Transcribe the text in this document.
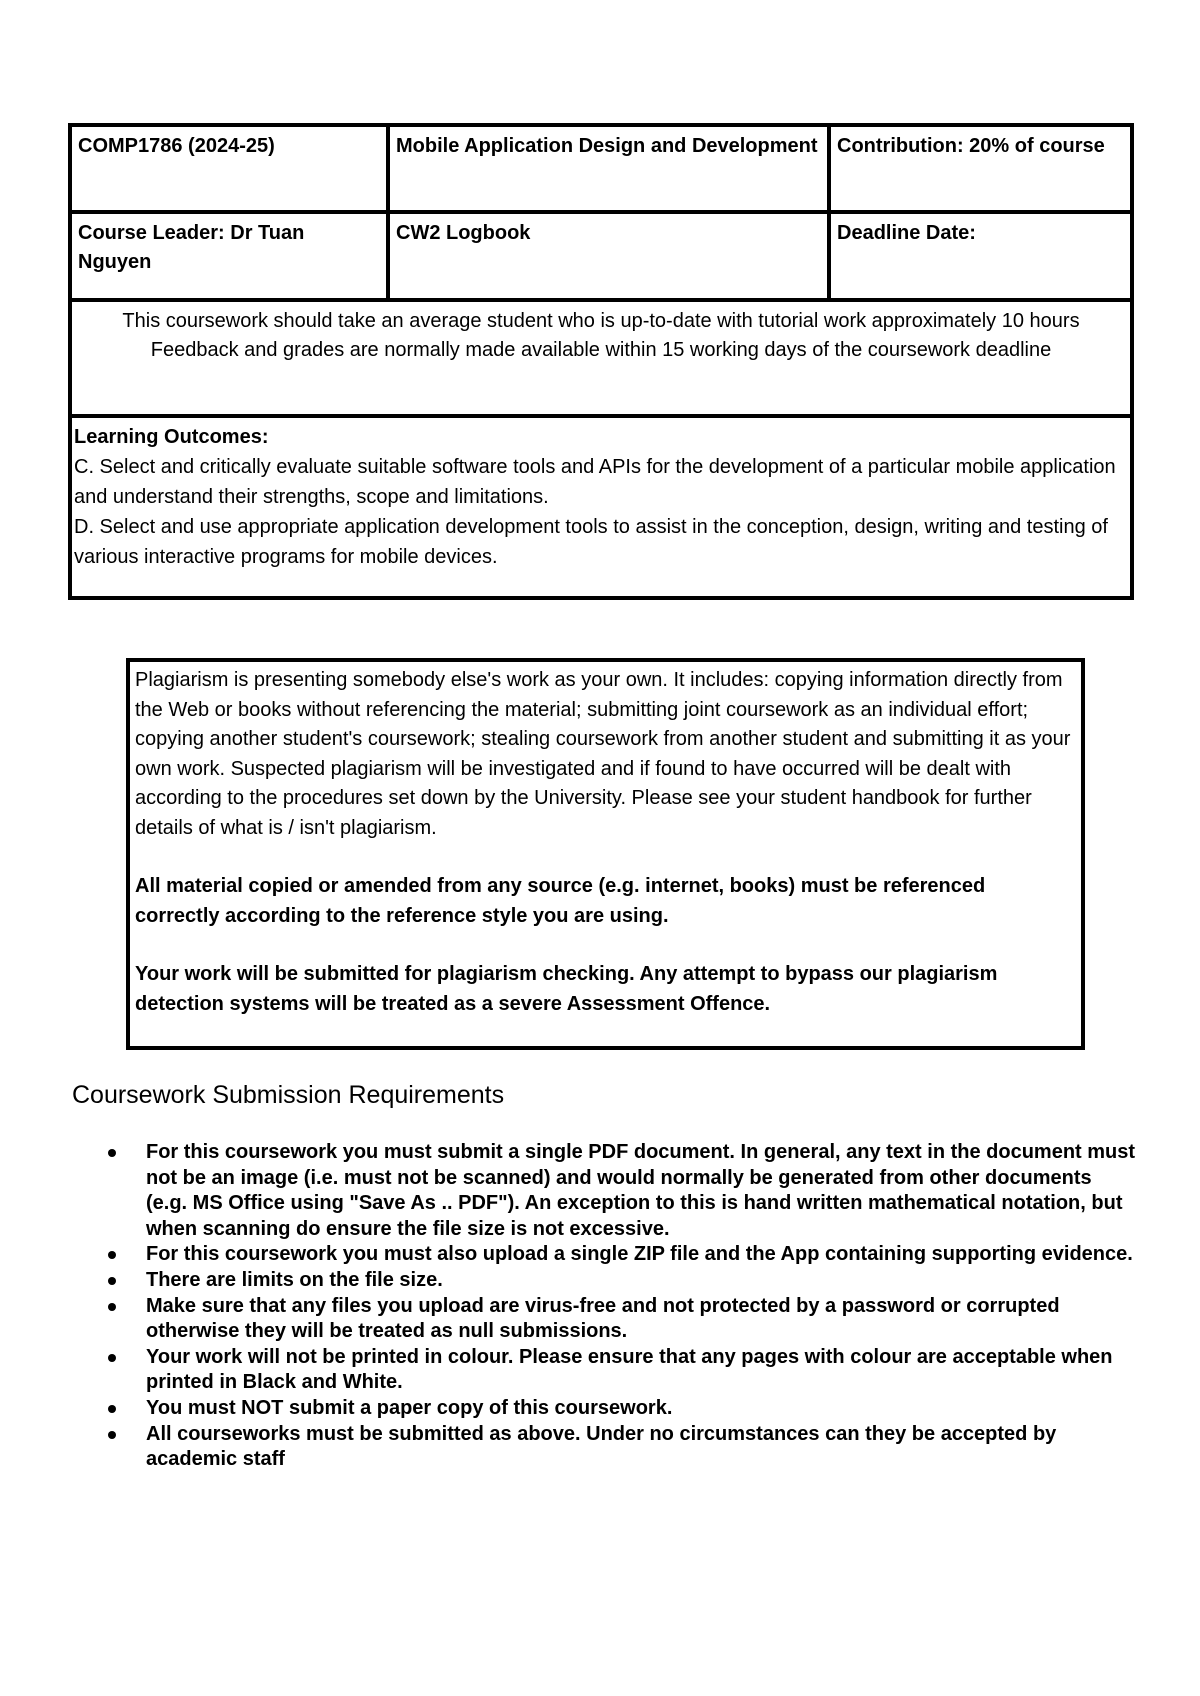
COMP1786 (2024-25)	Mobile Application Design and Development Contribution: 20% of course
Course Leader: Dr Tuan Nguyen
CW2 Logbook	Deadline Date:
This coursework should take an average student who is up-to-date with tutorial work approximately 10 hours
Feedback and grades are normally made available within 15 working days of the coursework deadline
Learning Outcomes:
C. Select and critically evaluate suitable software tools and APIs for the development of a particular mobile application and understand their strengths, scope and limitations.
D. Select and use appropriate application development tools to assist in the conception, design, writing and testing of various interactive programs for mobile devices.

Plagiarism is presenting somebody else's work as your own. It includes: copying information directly from the Web or books without referencing the material; submitting joint coursework as an individual effort; copying another student's coursework; stealing coursework from another student and submitting it as your own work. Suspected plagiarism will be investigated and if found to have occurred will be dealt with according to the procedures set down by the University. Please see your student handbook for further details of what is / isn't plagiarism.

All material copied or amended from any source (e.g. internet, books) must be referenced correctly according to the reference style you are using.

Your work will be submitted for plagiarism checking. Any attempt to bypass our plagiarism detection systems will be treated as a severe Assessment Offence.

Coursework Submission Requirements
For this coursework you must submit a single PDF document. In general, any text in the document must not be an image (i.e. must not be scanned) and would normally be generated from other documents (e.g. MS Office using "Save As .. PDF"). An exception to this is hand written mathematical notation, but when scanning do ensure the file size is not excessive.
For this coursework you must also upload a single ZIP file and the App containing supporting evidence.
There are limits on the file size.
Make sure that any files you upload are virus-free and not protected by a password or corrupted otherwise they will be treated as null submissions.
Your work will not be printed in colour. Please ensure that any pages with colour are acceptable when printed in Black and White.
You must NOT submit a paper copy of this coursework.
All courseworks must be submitted as above. Under no circumstances can they be accepted by academic staff
